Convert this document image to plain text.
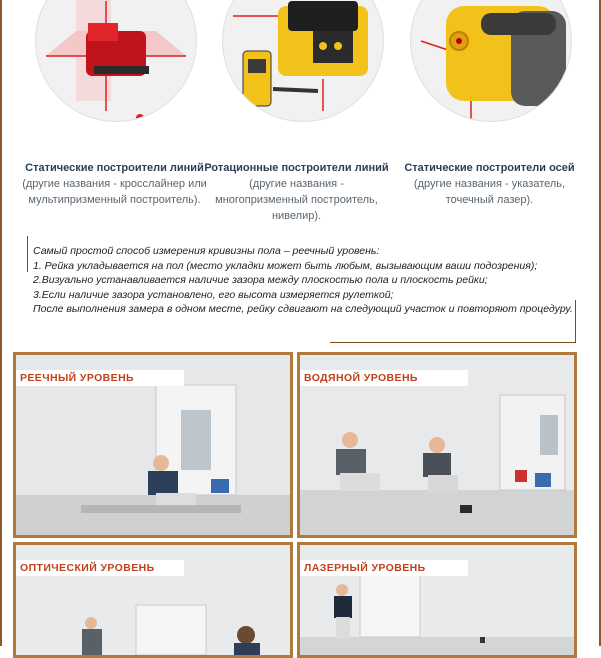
Статические построители линий
(другие названия - кросслайнер или мультипризменный построитель).
Ротационные построители линий
(другие названия - многопризменный построитель, нивелир).
Статические построители осей
(другие названия - указатель, точечный лазер).

Самый простой способ измерения кривизны пола – реечный уровень:

1. Рейка укладывается на пол (место укладки может быть любым, вызывающим ваши подозрения);

2.Визуально устанавливается наличие зазора между плоскостью пола и плоскость рейки;

3.Если наличие зазора установлено, его высота измеряется рулеткой;

После выполнения замера в одном месте, рейку сдвигают на следующий участок и повторяют процедуру.

РЕЕЧНЫЙ УРОВЕНЬ	ВОДЯНОЙ УРОВЕНЬ
ОПТИЧЕСКИЙ УРОВЕНЬ	ЛАЗЕРНЫЙ УРОВЕНЬ
